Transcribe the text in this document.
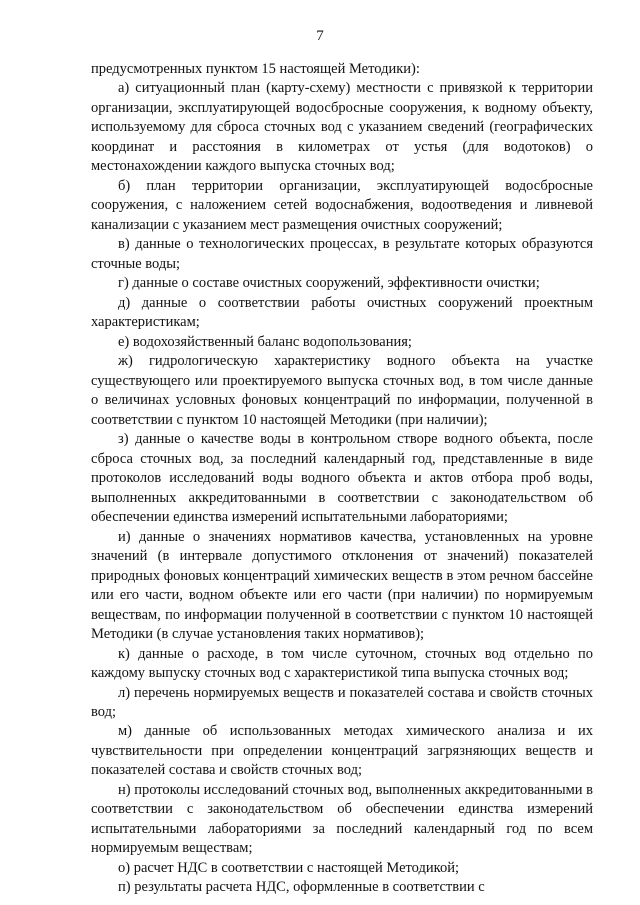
7

предусмотренных пунктом 15 настоящей Методики):

а) ситуационный план (карту-схему) местности с привязкой к территории организации, эксплуатирующей водосбросные сооружения, к водному объекту, используемому для сброса сточных вод с указанием сведений (географических координат и расстояния в километрах от устья (для водотоков) о местонахождении каждого выпуска сточных вод;

б) план территории организации, эксплуатирующей водосбросные сооружения, с наложением сетей водоснабжения, водоотведения и ливневой канализации с указанием мест размещения очистных сооружений;

в) данные о технологических процессах, в результате которых образуются сточные воды;

г) данные о составе очистных сооружений, эффективности очистки;

д) данные о соответствии работы очистных сооружений проектным характеристикам;

е) водохозяйственный баланс водопользования;

ж) гидрологическую характеристику водного объекта на участке существующего или проектируемого выпуска сточных вод, в том числе данные о величинах условных фоновых концентраций по информации, полученной в соответствии с пунктом 10 настоящей Методики (при наличии);

з) данные о качестве воды в контрольном створе водного объекта, после сброса сточных вод, за последний календарный год, представленные в виде протоколов исследований воды водного объекта и актов отбора проб воды, выполненных аккредитованными в соответствии с законодательством об обеспечении единства измерений испытательными лабораториями;

и) данные о значениях нормативов качества, установленных на уровне значений (в интервале допустимого отклонения от значений) показателей природных фоновых концентраций химических веществ в этом речном бассейне или его части, водном объекте или его части (при наличии) по нормируемым веществам, по информации полученной в соответствии с пунктом 10 настоящей Методики (в случае установления таких нормативов);

к) данные о расходе, в том числе суточном, сточных вод отдельно по каждому выпуску сточных вод с характеристикой типа выпуска сточных вод;

л) перечень нормируемых веществ и показателей состава и свойств сточных вод;

м) данные об использованных методах химического анализа и их чувствительности при определении концентраций загрязняющих веществ и показателей состава и свойств сточных вод;

н) протоколы исследований сточных вод, выполненных аккредитованными в соответствии с законодательством об обеспечении единства измерений испытательными лабораториями за последний календарный год по всем нормируемым веществам;

о) расчет НДС в соответствии с настоящей Методикой;

п) результаты расчета НДС, оформленные в соответствии с
